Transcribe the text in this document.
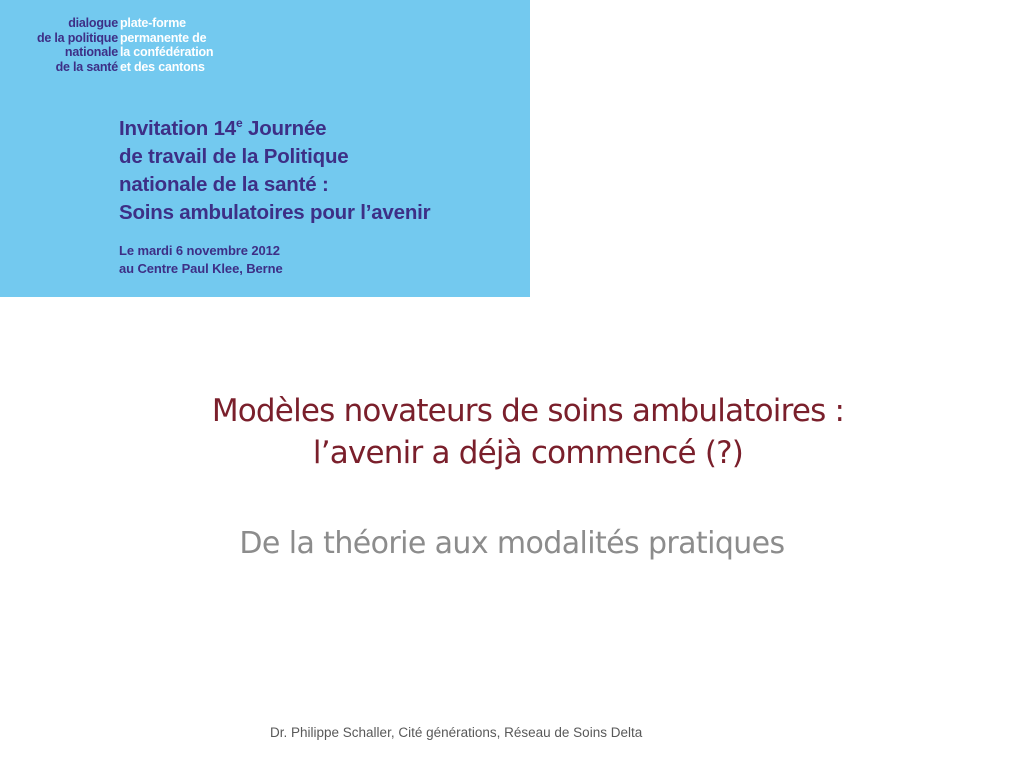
dialogue
de la politique
nationale
de la santé
plate-forme
permanente de
la confédération
et des cantons
Invitation 14e Journée
de travail de la Politique
nationale de la santé :
Soins ambulatoires pour l’avenir
Le mardi 6 novembre 2012
au Centre Paul Klee, Berne
Modèles novateurs de soins ambulatoires :
l’avenir a déjà commencé (?)
De la théorie aux modalités pratiques
Dr. Philippe Schaller, Cité générations, Réseau de Soins Delta
